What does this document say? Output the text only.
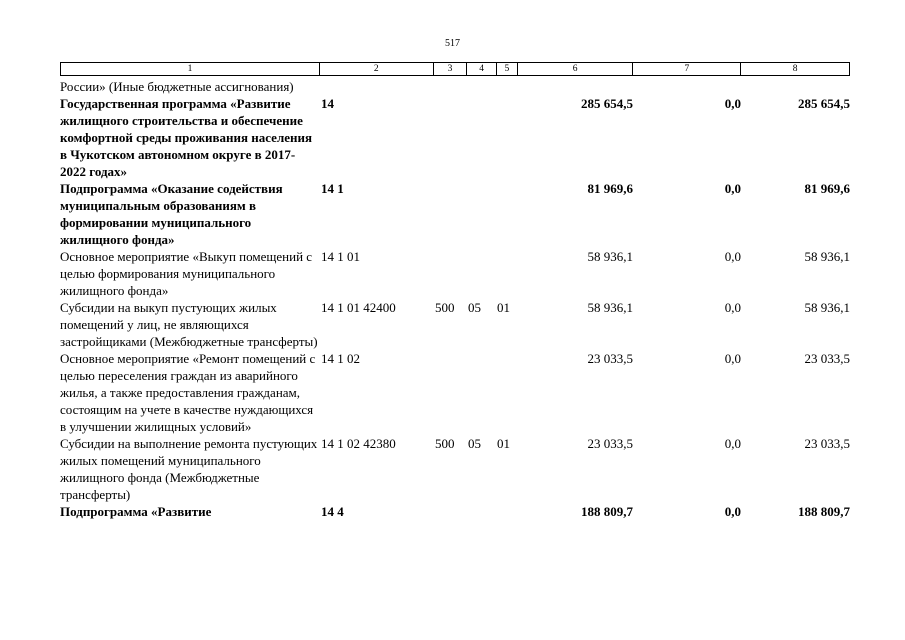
517
1	2	3	4	5	6	7	8
России» (Иные бюджетные ассигнования)							
Государственная программа «Развитие жилищного строительства и обеспечение комфортной среды проживания населения в Чукотском автономном округе в 2017-2022 годах»	14				285 654,5	0,0	285 654,5
Подпрограмма «Оказание содействия муниципальным образованиям в формировании муниципального жилищного фонда»	14 1				81 969,6	0,0	81 969,6
Основное мероприятие «Выкуп помещений с целью формирования муниципального жилищного фонда»	14 1 01				58 936,1	0,0	58 936,1
Субсидии на выкуп пустующих жилых помещений у лиц, не являющихся застройщиками (Межбюджетные трансферты)	14 1 01 42400	500	05	01	58 936,1	0,0	58 936,1
Основное мероприятие «Ремонт помещений с целью переселения граждан из аварийного жилья, а также предоставления гражданам, состоящим на учете в качестве нуждающихся в улучшении жилищных условий»	14 1 02				23 033,5	0,0	23 033,5
Субсидии на выполнение ремонта пустующих жилых помещений муниципального жилищного фонда (Межбюджетные трансферты)	14 1 02 42380	500	05	01	23 033,5	0,0	23 033,5
Подпрограмма «Развитие	14 4				188 809,7	0,0	188 809,7
